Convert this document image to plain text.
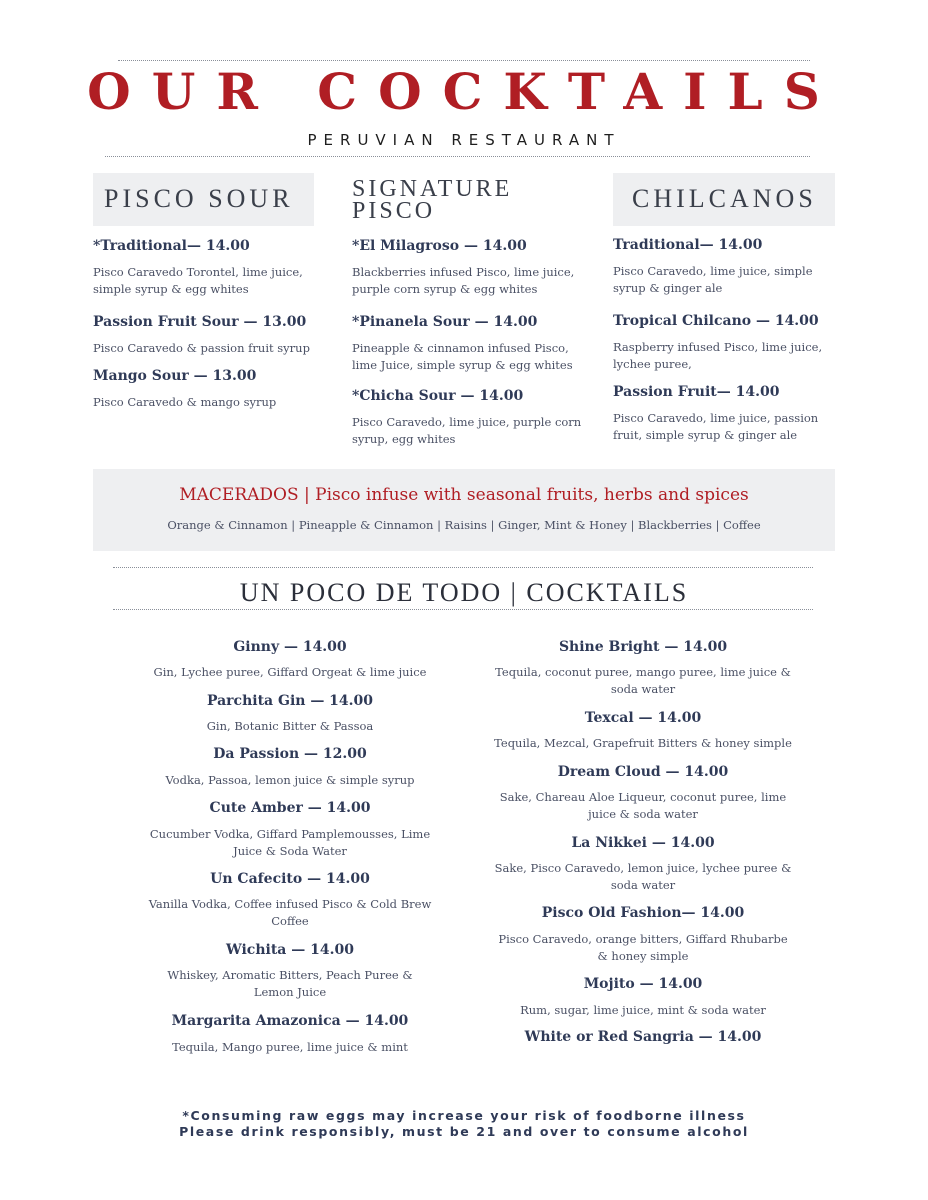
OUR COCKTAILS
PERUVIAN RESTAURANT
PISCO SOUR
*Traditional— 14.00
Pisco Caravedo Torontel, lime juice, simple syrup & egg whites
Passion Fruit Sour — 13.00
Pisco Caravedo & passion fruit syrup
Mango Sour — 13.00
Pisco Caravedo & mango syrup
SIGNATURE
PISCO
*El Milagroso — 14.00
Blackberries infused Pisco, lime juice, purple corn syrup & egg whites
*Pinanela Sour — 14.00
Pineapple & cinnamon infused Pisco, lime Juice, simple syrup & egg whites
*Chicha Sour — 14.00
Pisco Caravedo, lime juice, purple corn syrup, egg whites
CHILCANOS
Traditional— 14.00
Pisco Caravedo, lime juice, simple syrup & ginger ale
Tropical Chilcano — 14.00
Raspberry infused Pisco, lime juice, lychee puree,
Passion Fruit— 14.00
Pisco Caravedo, lime juice, passion fruit, simple syrup & ginger ale
MACERADOS | Pisco infuse with seasonal fruits, herbs and spices
Orange & Cinnamon | Pineapple & Cinnamon | Raisins | Ginger, Mint & Honey | Blackberries | Coffee
UN POCO DE TODO | COCKTAILS
Ginny — 14.00
Gin, Lychee puree, Giffard Orgeat & lime juice
Parchita Gin — 14.00
Gin, Botanic Bitter & Passoa
Da Passion — 12.00
Vodka, Passoa, lemon juice & simple syrup
Cute Amber — 14.00
Cucumber Vodka, Giffard Pamplemousses, Lime Juice & Soda Water
Un Cafecito — 14.00
Vanilla Vodka, Coffee infused Pisco & Cold Brew Coffee
Wichita — 14.00
Whiskey, Aromatic Bitters, Peach Puree & Lemon Juice
Margarita Amazonica — 14.00
Tequila, Mango puree, lime juice & mint
Shine Bright — 14.00
Tequila, coconut puree, mango puree, lime juice & soda water
Texcal — 14.00
Tequila, Mezcal, Grapefruit Bitters & honey simple
Dream Cloud — 14.00
Sake, Chareau Aloe Liqueur, coconut puree, lime juice & soda water
La Nikkei — 14.00
Sake, Pisco Caravedo, lemon juice, lychee puree & soda water
Pisco Old Fashion— 14.00
Pisco Caravedo, orange bitters, Giffard Rhubarbe & honey simple
Mojito — 14.00
Rum, sugar, lime juice, mint & soda water
White or Red Sangria — 14.00
*Consuming raw eggs may increase your risk of foodborne illness
Please drink responsibly, must be 21 and over to consume alcohol
